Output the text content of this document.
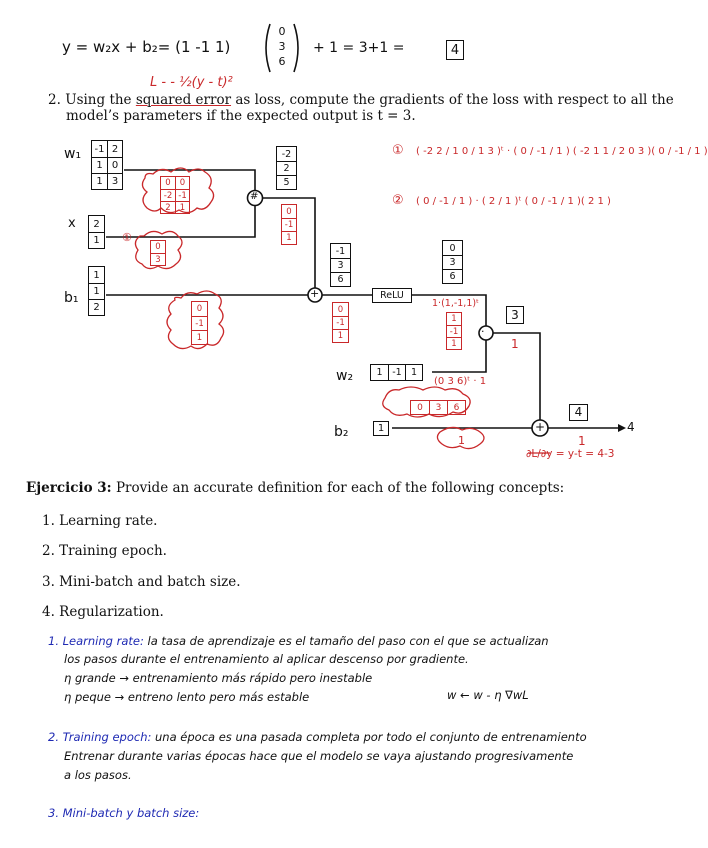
y = w₂x + b₂= (1 -1 1)
0
3
6
+ 1 = 3+1 =	4
L - - ½(y - t)²
2. Using the squared error as loss, compute the gradients of the loss with respect to all the
model’s parameters if the expected output is t = 3.
#
+
·
+
w₁ -1 2
1 0
1 3
x	2
1
b₁
1
1
2
-2
2
5
-1
3
6
ReLU
0
3
6
3
w₂	1	-1 1
b₂	1
4
4
0	0
-2 -1
2	1
①
0
3
0
-1
1
0
-1
1
0
-1
1
1·(1,-1,1)ᵗ
1
-1
1	1
(0 3 6)ᵗ · 1
0	3	6
1	1
∂L/∂y = y-t = 4-3
① ( -2 2 / 1 0 / 1 3 )ᵗ · ( 0 / -1 / 1 ) ( -2 1 1 / 2 0 3 )( 0 / -1 / 1 )
② ( 0 / -1 / 1 ) · ( 2 / 1 )ᵗ ( 0 / -1 / 1 )( 2 1 )
Ejercicio 3: Provide an accurate definition for each of the following concepts:
1. Learning rate.
2. Training epoch.
3. Mini-batch and batch size.
4. Regularization.
1. Learning rate: la tasa de aprendizaje es el tamaño del paso con el que se actualizan
los pasos durante el entrenamiento al aplicar descenso por gradiente.
η grande → entrenamiento más rápido pero inestable
η peque → entreno lento pero más estable	w ← w - η ∇wL
2. Training epoch: una época es una pasada completa por todo el conjunto de entrenamiento
Entrenar durante varias épocas hace que el modelo se vaya ajustando progresivamente
a los pasos.
3. Mini-batch y batch size:
